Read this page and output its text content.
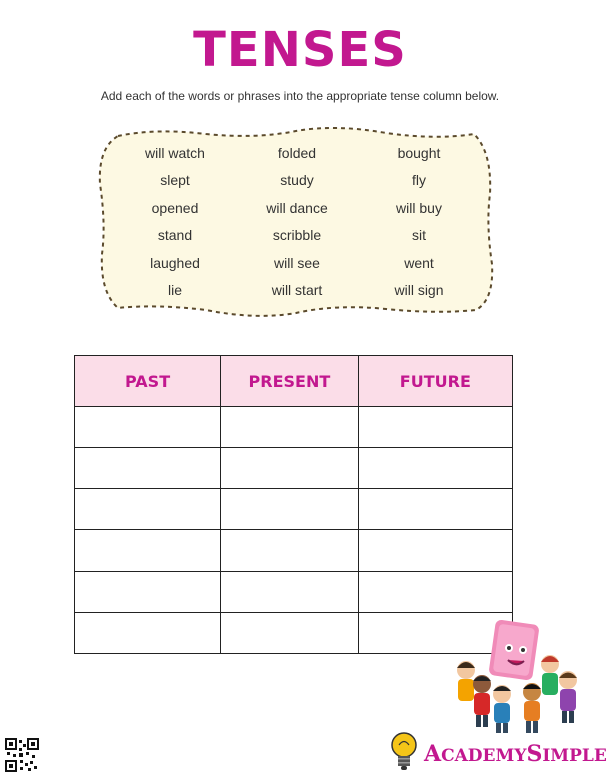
TENSES
Add each of the words or phrases into the appropriate tense column below.
will watch	folded	bought
slept	study	fly
opened	will dance	will buy
stand	scribble	sit
laughed	will see	went
lie	will start	will sign
PAST	PRESENT	FUTURE

ACADEMYSIMPLE
